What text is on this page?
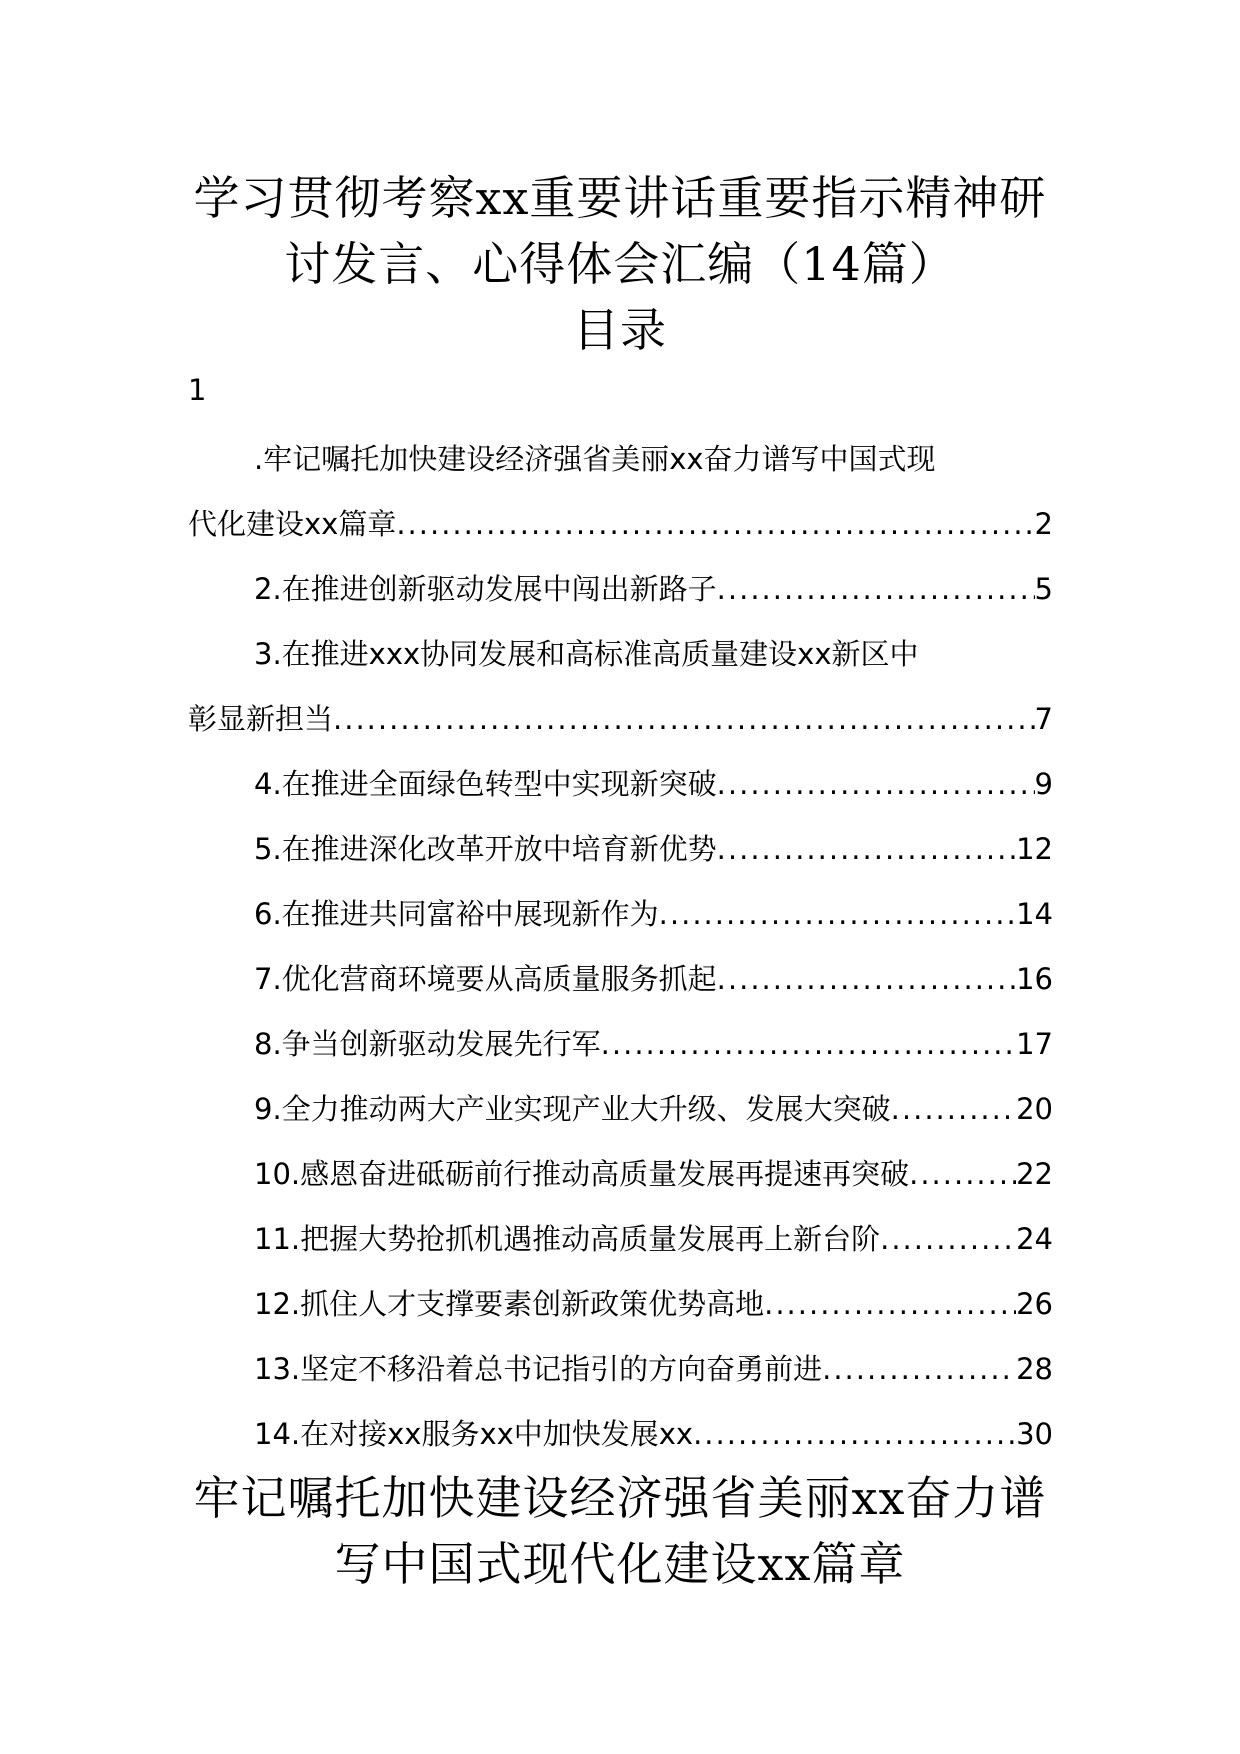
学习贯彻考察xx重要讲话重要指示精神研讨发言、心得体会汇编（14篇）
目录
1
.牢记嘱托加快建设经济强省美丽xx奋力谱写中国式现
代化建设xx篇章 .....	2
2.在推进创新驱动发展中闯出新路子 .....	5
3.在推进xxx协同发展和高标准高质量建设xx新区中
彰显新担当 .....	7
4.在推进全面绿色转型中实现新突破 .....	9
5.在推进深化改革开放中培育新优势 .....	12
6.在推进共同富裕中展现新作为 .....	14
7.优化营商环境要从高质量服务抓起 .....	16
8.争当创新驱动发展先行军 .....	17
9.全力推动两大产业实现产业大升级、发展大突破 .....	20
10.感恩奋进砥砺前行推动高质量发展再提速再突破 .....	22
11.把握大势抢抓机遇推动高质量发展再上新台阶 .....	24
12.抓住人才支撑要素创新政策优势高地 .....	26
13.坚定不移沿着总书记指引的方向奋勇前进 .....	28
14.在对接xx服务xx中加快发展xx .....	30
牢记嘱托加快建设经济强省美丽xx奋力谱写中国式现代化建设xx篇章
